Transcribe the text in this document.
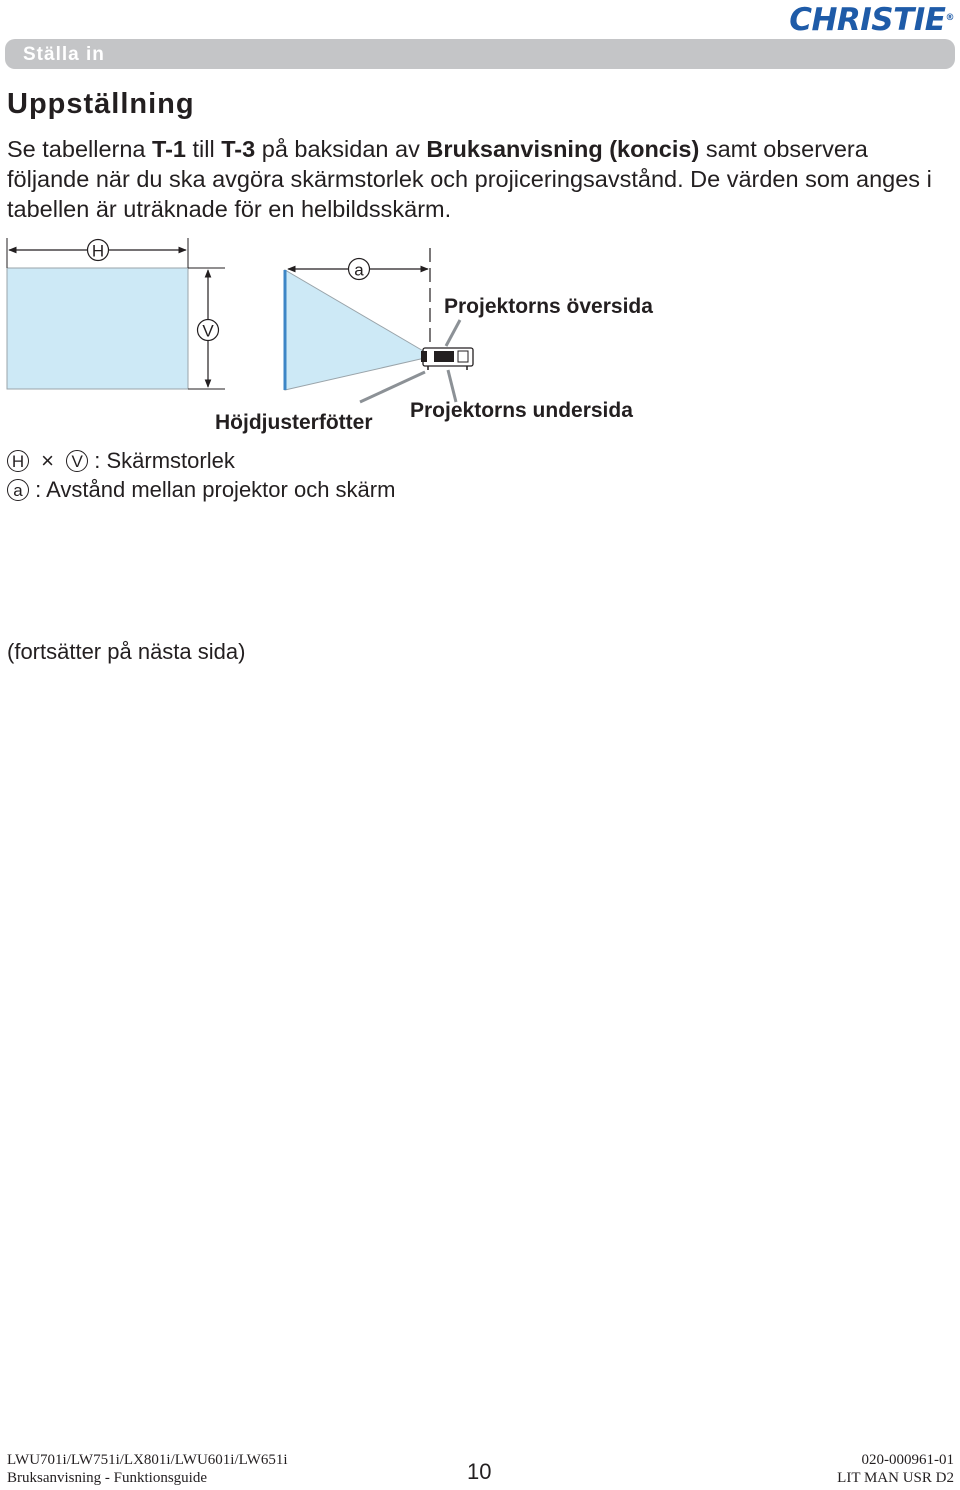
CHRISTIE®
Ställa in
Uppställning
Se tabellerna T-1 till T-3 på baksidan av Bruksanvisning (koncis) samt observera följande när du ska avgöra skärmstorlek och projiceringsavstånd. De värden som anges i tabellen är uträknade för en helbildsskärm.
H
V
a
Projektorns översida
Projektorns undersida
Höjdjusterfötter
H × V : Skärmstorlek
a : Avstånd mellan projektor och skärm
(fortsätter på nästa sida)
LWU701i/LW751i/LX801i/LWU601i/LW651i
Bruksanvisning - Funktionsguide	10	020-000961-01
LIT MAN USR D2
